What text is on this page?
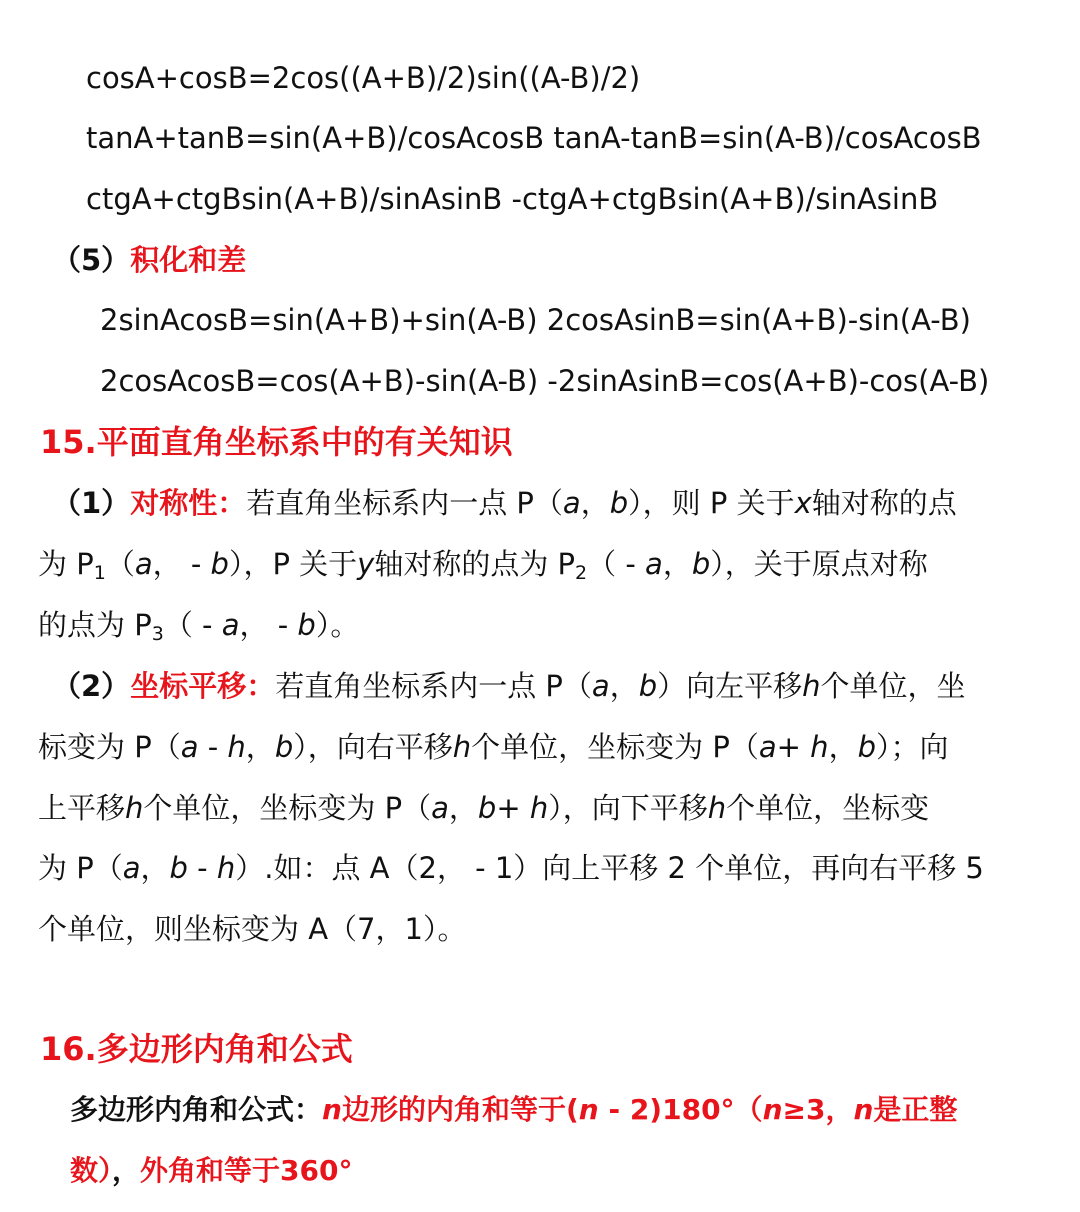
cosA+cosB=2cos((A+B)/2)sin((A-B)/2)
tanA+tanB=sin(A+B)/cosAcosB tanA-tanB=sin(A-B)/cosAcosB
ctgA+ctgBsin(A+B)/sinAsinB -ctgA+ctgBsin(A+B)/sinAsinB
（5）积化和差
2sinAcosB=sin(A+B)+sin(A-B) 2cosAsinB=sin(A+B)-sin(A-B)
2cosAcosB=cos(A+B)-sin(A-B) -2sinAsinB=cos(A+B)-cos(A-B)
15.平面直角坐标系中的有关知识
（1）对称性：若直角坐标系内一点 P（a，b），则 P 关于x轴对称的点
为 $P_1(a$， - b），P 关于y轴对称的点为 $P_2$（ - a，b），关于原点对称
的点为 $P_3$（ - a， - b）。
（2）坐标平移：若直角坐标系内一点 P（a，b）向左平移h个单位，坐
标变为 P（a - h，b），向右平移h个单位，坐标变为 P（a+ h，b）；向
上平移h个单位，坐标变为 P（a，b+ h），向下平移h个单位，坐标变
为 P（a，b - h）.如：点 A（2， - 1）向上平移 2 个单位，再向右平移 5
个单位，则坐标变为 A（7，1）。
16.多边形内角和公式
多边形内角和公式：n边形的内角和等于(n - 2)180°（n≥3，n是正整
数），外角和等于360°
